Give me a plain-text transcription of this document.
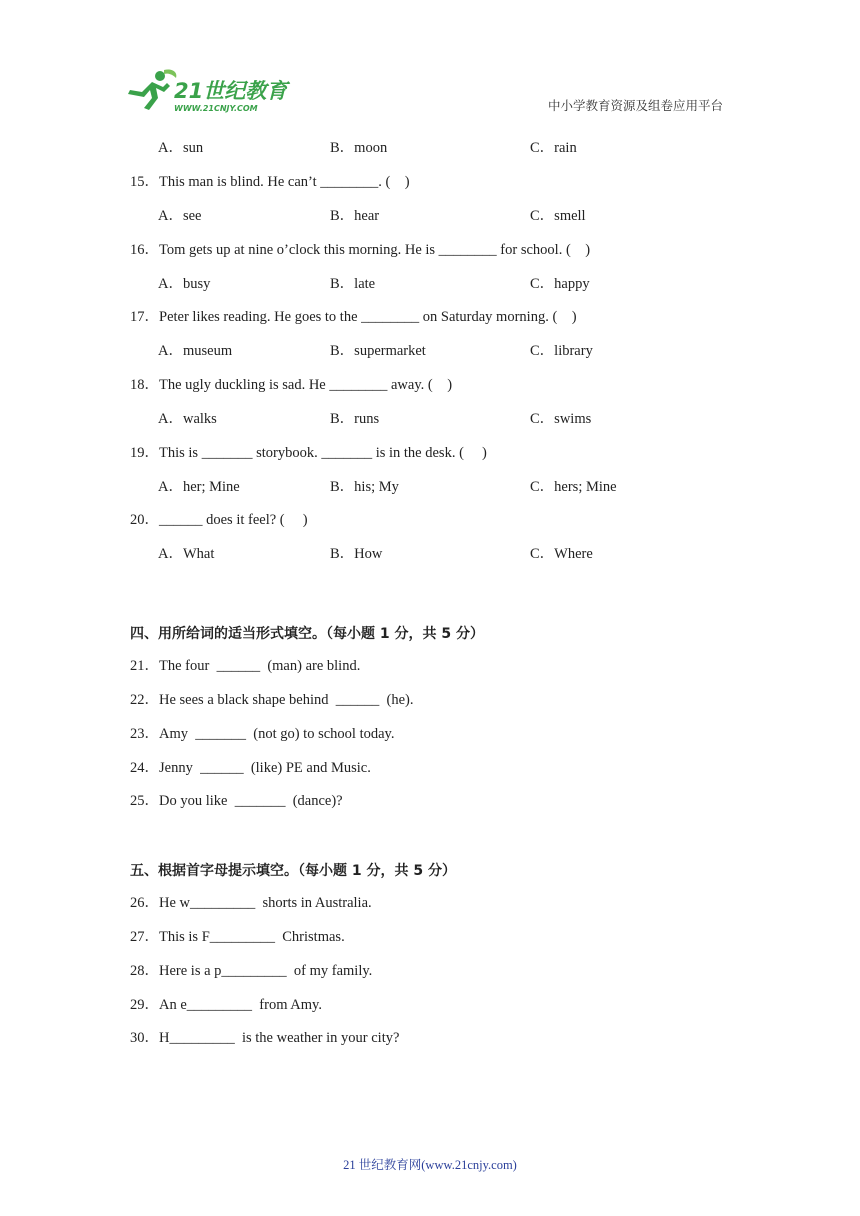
21世纪教育
WWW.21CNJY.COM	中小学教育资源及组卷应用平台
A．sun	B．moon	C．rain
15．This man is blind. He can’t ________. (    )
A．see	B．hear	C．smell
16．Tom gets up at nine o’clock this morning. He is ________ for school. (    )
A．busy	B．late	C．happy
17．Peter likes reading. He goes to the ________ on Saturday morning. (    )
A．museum	B．supermarket	C．library
18．The ugly duckling is sad. He ________ away. (    )
A．walks	B．runs	C．swims
19．This is _______ storybook. _______ is in the desk. (     )
A．her; Mine	B．his; My	C．hers; Mine
20．______ does it feel? (     )
A．What	B．How	C．Where
四、用所给词的适当形式填空。（每小题 1 分，共 5 分）
21．The four  ______  (man) are blind.
22．He sees a black shape behind  ______  (he).
23．Amy  _______  (not go) to school today.
24．Jenny  ______  (like) PE and Music.
25．Do you like  _______  (dance)?
五、根据首字母提示填空。（每小题 1 分，共 5 分）
26．He w_________  shorts in Australia.
27．This is F_________  Christmas.
28．Here is a p_________  of my family.
29．An e_________  from Amy.
30．H_________  is the weather in your city?
21 世纪教育网(www.21cnjy.com)
